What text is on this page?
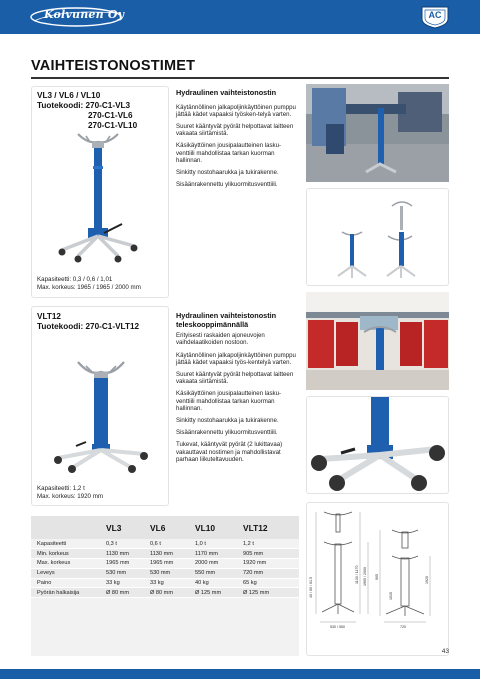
Kolvunen Oy	AC
VAIHTEISTONOSTIMET
VL3 / VL6 / VL10
Tuotekoodi: 270-C1-VL3
270-C1-VL6
270-C1-VL10
Kapasiteetti: 0,3 / 0,6 / 1,01
Max. korkeus: 1965 / 1965 / 2000 mm
Hydraulinen vaihteistonostin
Käytännöllinen jalkapoljinkäyttöinen pumppu jättää kädet vapaaksi työsken-telyä varten.
Suuret kääntyvät pyörät helpottavat laitteen vakaata siirtämistä.
Käsikäyttöinen jousipalautteinen lasku-venttiili mahdollistaa tarkan kuorman hallinnan.
Sinkitty nostohaarukka ja tukirakenne.
Sisäänrakennettu ylikuormitusventtiili.
VLT12
Tuotekoodi: 270-C1-VLT12
Kapasiteetti: 1,2 t
Max. korkeus: 1920 mm
Hydraulinen vaihteistonostin
teleskooppimännällä
Erityisesti raskaiden ajoneuvojen vaihdelaatikoiden nostoon.
Käytännöllinen jalkapoljinkäyttöinen pumppu jättää kädet vapaaksi työs-kentelyä varten.
Suuret kääntyvät pyörät helpottavat laitteen vakaata siirtämistä.
Käsikäyttöinen jousipalautteinen lasku-venttiili mahdollistaa tarkan kuorman hallinnan.
Sinkitty nostohaarukka ja tukirakenne.
Sisäänrakennettu ylikuormitusventtiili.
Tukevat, kääntyvät pyörät (2 lukittavaa) vakauttavat nostimen ja mahdollistavat parhaan liikuteltavuuden.
	VL3	VL6	VL10	VLT12
Kapasiteetti	0,3 t	0,6 t	1,0 t	1,2 t
Min. korkeus	1130 mm	1130 mm	1170 mm	905 mm
Max. korkeus	1965 mm	1965 mm	2000 mm	1920 mm
Leveys	530 mm	530 mm	550 mm	720 mm
Paino	33 kg	33 kg	40 kg	65 kg
Pyörän halkaisija	Ø 80 mm	Ø 80 mm	Ø 125 mm	Ø 125 mm	40 / 60 / 61.5
1130 / 1170 1965 / 2000
530 / 550
1015
905	1920
720
43
